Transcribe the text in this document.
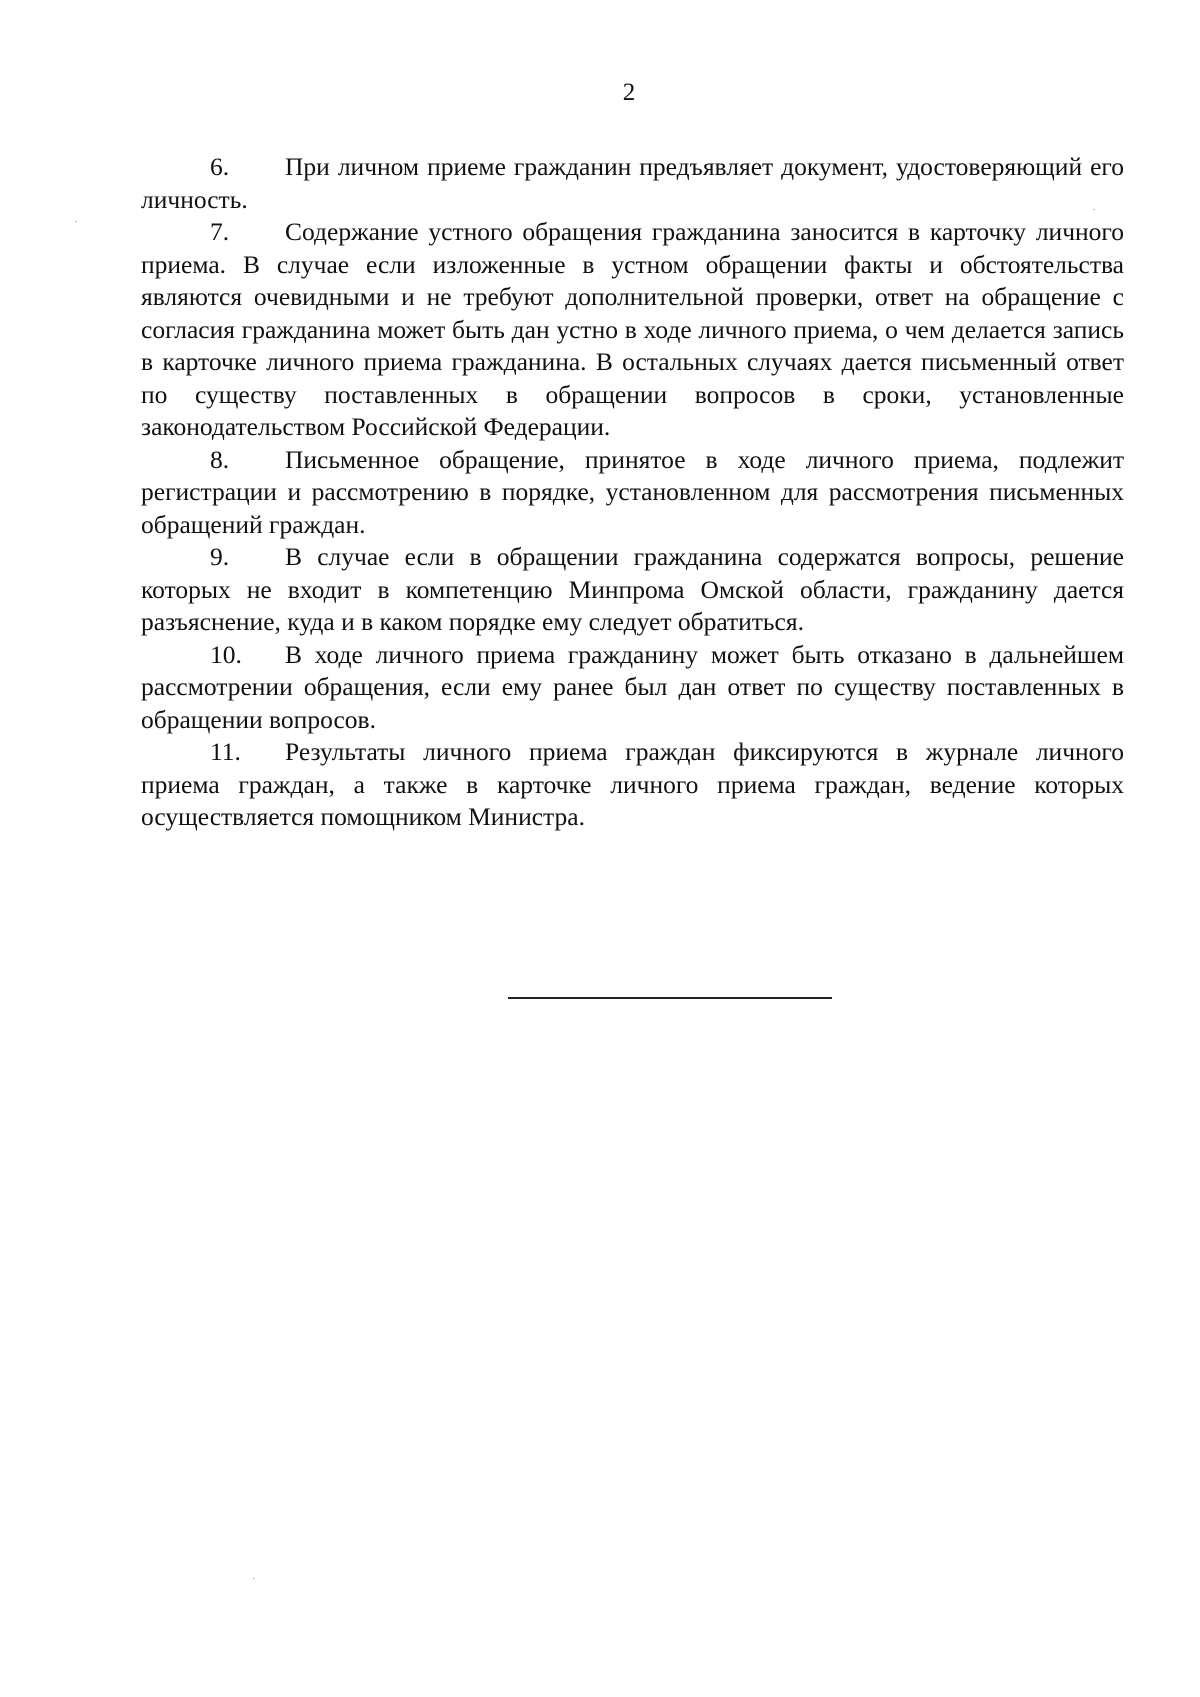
2

6. При личном приеме гражданин предъявляет документ, удостоверяющий его личность.

7. Содержание устного обращения гражданина заносится в карточку личного приема. В случае если изложенные в устном обращении факты и обстоятельства являются очевидными и не требуют дополнительной проверки, ответ на обращение с согласия гражданина может быть дан устно в ходе личного приема, о чем делается запись в карточке личного приема гражданина. В остальных случаях дается письменный ответ по существу поставленных в обращении вопросов в сроки, установленные законодательством Российской Федерации.

8. Письменное обращение, принятое в ходе личного приема, подлежит регистрации и рассмотрению в порядке, установленном для рассмотрения письменных обращений граждан.

9. В случае если в обращении гражданина содержатся вопросы, решение которых не входит в компетенцию Минпрома Омской области, гражданину дается разъяснение, куда и в каком порядке ему следует обратиться.

10. В ходе личного приема гражданину может быть отказано в дальнейшем рассмотрении обращения, если ему ранее был дан ответ по существу поставленных в обращении вопросов.

11. Результаты личного приема граждан фиксируются в журнале личного приема граждан, а также в карточке личного приема граждан, ведение которых осуществляется помощником Министра.
